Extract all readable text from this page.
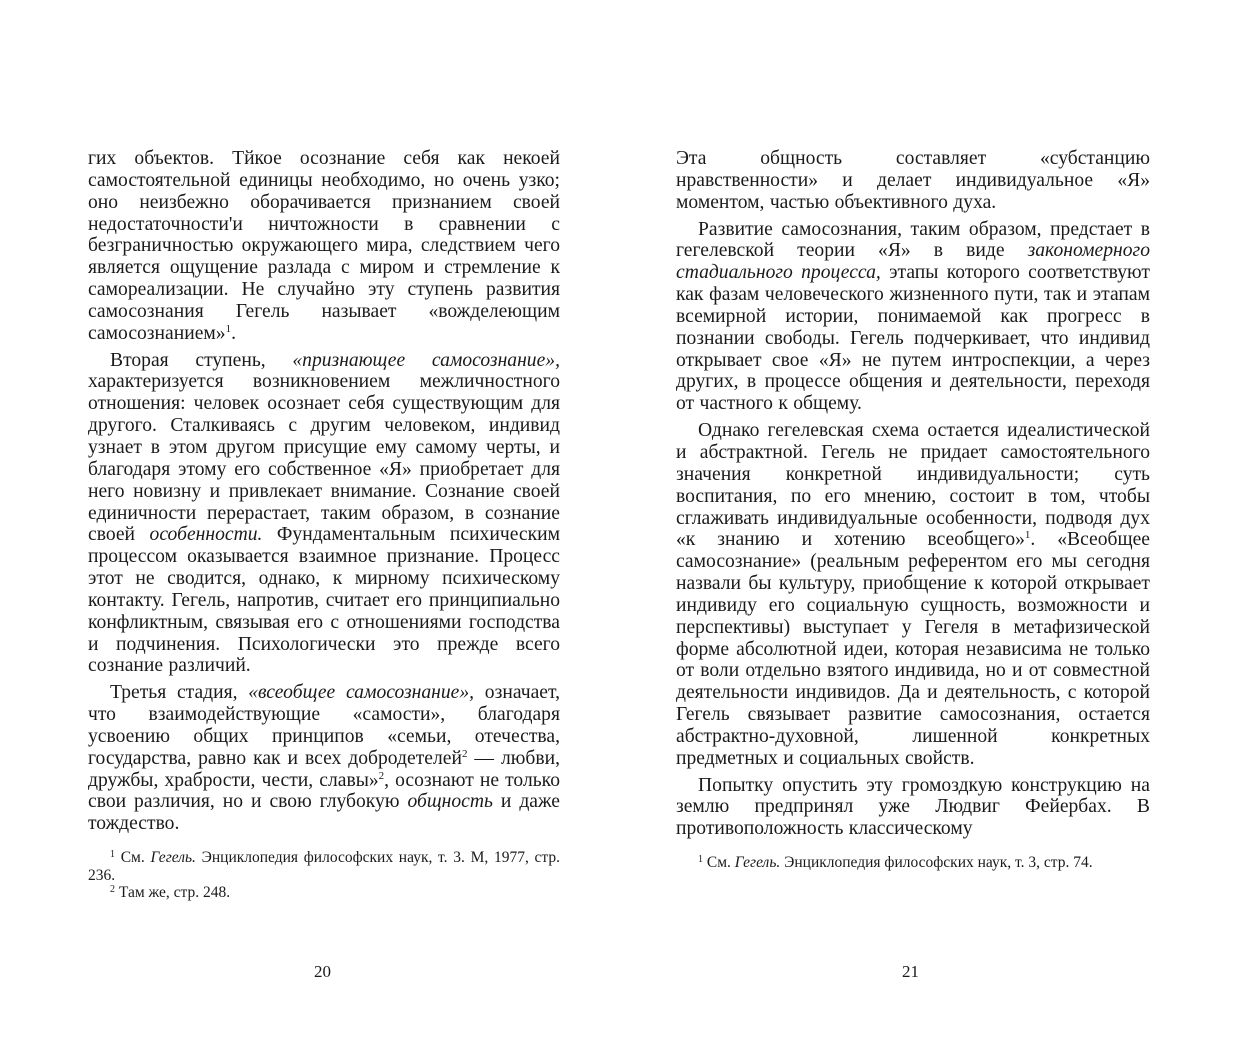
гих объектов. Тйкое осознание себя как некоей самостоятельной единицы необходимо, но очень узко; оно неизбежно оборачивается признанием своей недостаточности'и ничтожности в сравнении с безграничностью окружающего мира, следствием чего является ощущение разлада с миром и стремление к самореализации. Не случайно эту ступень развития самосознания Гегель называет «вожделеющим самосознанием»$^1$.

Вторая ступень, «признающее самосознание», характеризуется возникновением межличностного отношения: человек осознает себя существующим для другого. Сталкиваясь с другим человеком, индивид узнает в этом другом присущие ему самому черты, и благодаря этому его собственное «Я» приобретает для него новизну и привлекает внимание. Сознание своей единичности перерастает, таким образом, в сознание своей особенности. Фундаментальным психическим процессом оказывается взаимное признание. Процесс этот не сводится, однако, к мирному психическому контакту. Гегель, напротив, считает его принципиально конфликтным, связывая его с отношениями господства и подчинения. Психологически это прежде всего сознание различий.

Третья стадия, «всеобщее самосознание», означает, что взаимодействующие «самости», благодаря усвоению общих принципов «семьи, отечества, государства, равно как и всех добродетелей$^2$ — любви, дружбы, храбрости, чести, славы»$^2$, осознают не только свои различия, но и свою глубокую общность и даже тождество.

$^1$ См. Гегель. Энциклопедия философских наук, т. 3. М, 1977, стр. 236.

$^2$ Там же, стр. 248.

20

Эта общность составляет «субстанцию нравственности» и делает индивидуальное «Я» моментом, частью объективного духа.

Развитие самосознания, таким образом, предстает в гегелевской теории «Я» в виде закономерного стадиального процесса, этапы которого соответствуют как фазам человеческого жизненного пути, так и этапам всемирной истории, понимаемой как прогресс в познании свободы. Гегель подчеркивает, что индивид открывает свое «Я» не путем интроспекции, а через других, в процессе общения и деятельности, переходя от частного к общему.

Однако гегелевская схема остается идеалистической и абстрактной. Гегель не придает самостоятельного значения конкретной индивидуальности; суть воспитания, по его мнению, состоит в том, чтобы сглаживать индивидуальные особенности, подводя дух «к знанию и хотению всеобщего»$^1$. «Всеобщее самосознание» (реальным референтом его мы сегодня назвали бы культуру, приобщение к которой открывает индивиду его социальную сущность, возможности и перспективы) выступает у Гегеля в метафизической форме абсолютной идеи, которая независима не только от воли отдельно взятого индивида, но и от совместной деятельности индивидов. Да и деятельность, с которой Гегель связывает развитие самосознания, остается абстрактно-духовной, лишенной конкретных предметных и социальных свойств.

Попытку опустить эту громоздкую конструкцию на землю предпринял уже Людвиг Фейербах. В противоположность классическому

$^1$ См. Гегель. Энциклопедия философских наук, т. 3, стр. 74.

21
